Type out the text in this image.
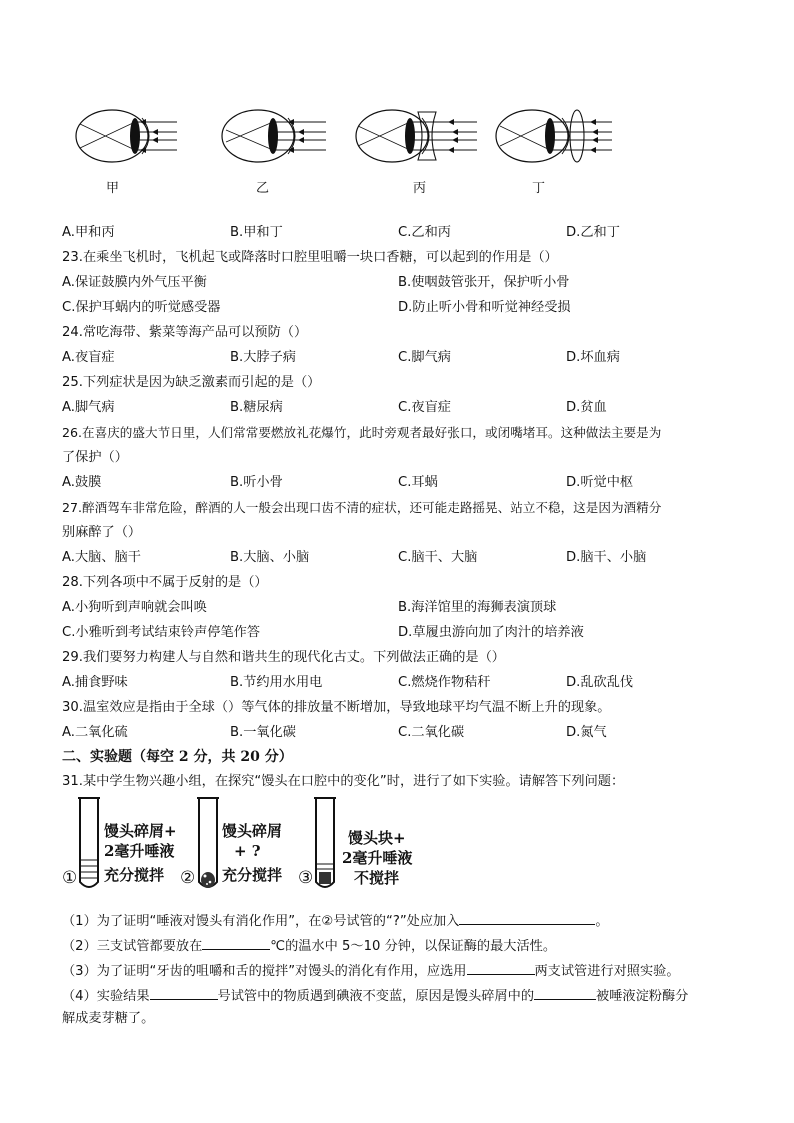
甲	乙	丙	丁
A.甲和丙	B.甲和丁	C.乙和丙	D.乙和丁
23.在乘坐飞机时，飞机起飞或降落时口腔里咀嚼一块口香糖，可以起到的作用是（）
A.保证鼓膜内外气压平衡	B.使咽鼓管张开，保护听小骨
C.保护耳蜗内的听觉感受器	D.防止听小骨和听觉神经受损
24.常吃海带、紫菜等海产品可以预防（）
A.夜盲症	B.大脖子病	C.脚气病	D.坏血病
25.下列症状是因为缺乏激素而引起的是（）
A.脚气病	B.糖尿病	C.夜盲症	D.贫血
26.在喜庆的盛大节日里，人们常常要燃放礼花爆竹，此时旁观者最好张口，或闭嘴堵耳。这种做法主要是为
了保护（）
A.鼓膜	B.听小骨	C.耳蜗	D.听觉中枢
27.醉酒驾车非常危险，醉酒的人一般会出现口齿不清的症状，还可能走路摇晃、站立不稳，这是因为酒精分
别麻醉了（）
A.大脑、脑干	B.大脑、小脑	C.脑干、大脑	D.脑干、小脑
28.下列各项中不属于反射的是（）
A.小狗听到声响就会叫唤	B.海洋馆里的海狮表演顶球
C.小雅听到考试结束铃声停笔作答	D.草履虫游向加了肉汁的培养液
29.我们要努力构建人与自然和谐共生的现代化古丈。下列做法正确的是（）
A.捕食野味	B.节约用水用电	C.燃烧作物秸秆	D.乱砍乱伐
30.温室效应是指由于全球（）等气体的排放量不断增加，导致地球平均气温不断上升的现象。
A.二氧化硫	B.一氧化碳	C.二氧化碳	D.氮气
二、实验题（每空 2 分，共 20 分）
31.某中学生物兴趣小组，在探究“馒头在口腔中的变化”时，进行了如下实验。请解答下列问题：
①
馒头碎屑+
2毫升唾液
充分搅拌 ②
馒头碎屑
+ ?
充分搅拌 ③
馒头块+
2毫升唾液
不搅拌
（1）为了证明“唾液对馒头有消化作用”，在②号试管的“?”处应加入	。
（2）三支试管都要放在	℃的温水中 5～10 分钟，以保证酶的最大活性。
（3）为了证明“牙齿的咀嚼和舌的搅拌”对馒头的消化有作用，应选用	两支试管进行对照实验。
（4）实验结果	号试管中的物质遇到碘液不变蓝，原因是馒头碎屑中的	被唾液淀粉酶分
解成麦芽糖了。
